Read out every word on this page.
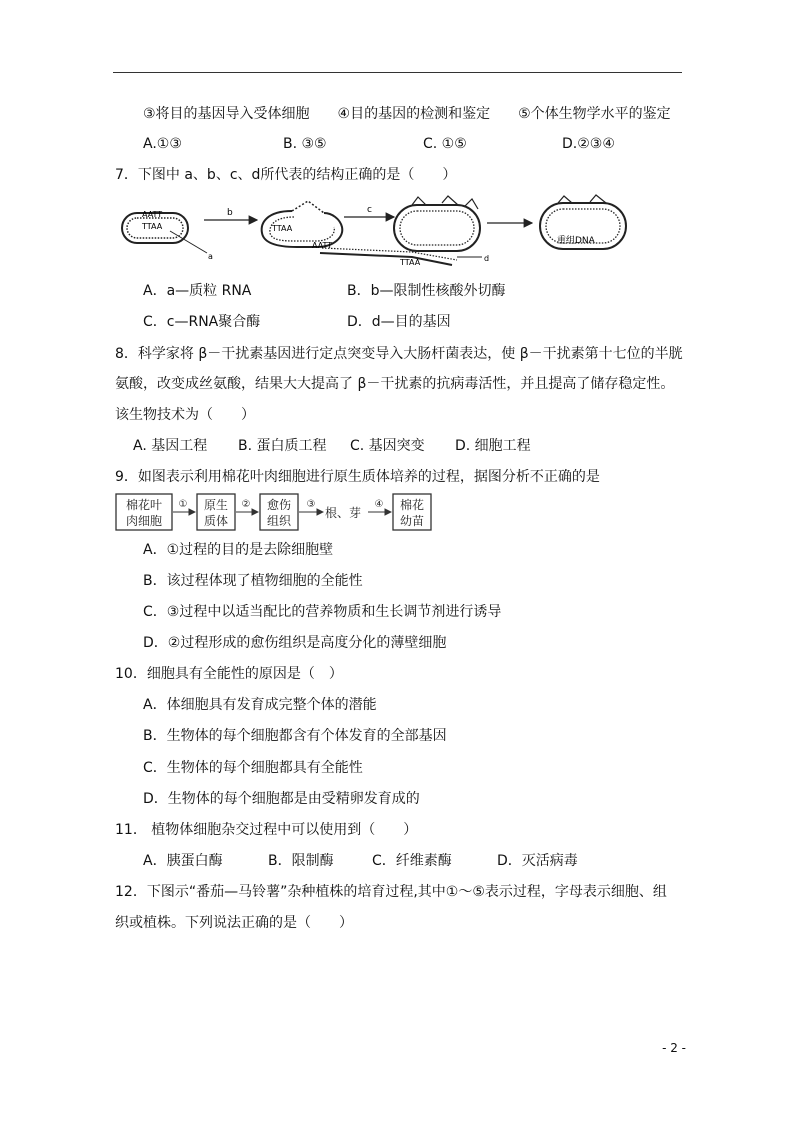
③将目的基因导入受体细胞　　④目的基因的检测和鉴定　　⑤个体生物学水平的鉴定
A.①③	B. ③⑤	C. ①⑤	D.②③④
7．下图中 a、b、c、d所代表的结构正确的是（　　）
AATT
TTAA
a
b
TTAA
c
AATT
TTAA	d
重组DNA
A．a—质粒 RNA	B．b—限制性核酸外切酶
C．c—RNA聚合酶	D．d—目的基因
8．科学家将 β－干扰素基因进行定点突变导入大肠杆菌表达，使 β－干扰素第十七位的半胱
氨酸，改变成丝氨酸，结果大大提高了 β－干扰素的抗病毒活性，并且提高了储存稳定性。
该生物技术为（　　）
A. 基因工程 B. 蛋白质工程 C. 基因突变 D. 细胞工程
9．如图表示利用棉花叶肉细胞进行原生质体培养的过程，据图分析不正确的是
棉花叶
肉细胞
① 原生
质体
② 愈伤
组织
③
根、芽
④ 棉花
幼苗
A．①过程的目的是去除细胞壁
B．该过程体现了植物细胞的全能性
C．③过程中以适当配比的营养物质和生长调节剂进行诱导
D．②过程形成的愈伤组织是高度分化的薄壁细胞
10．细胞具有全能性的原因是（　）
A．体细胞具有发育成完整个体的潜能
B．生物体的每个细胞都含有个体发育的全部基因
C．生物体的每个细胞都具有全能性
D．生物体的每个细胞都是由受精卵发育成的
11． 植物体细胞杂交过程中可以使用到（　　）
A．胰蛋白酶	B．限制酶	C．纤维素酶	D．灭活病毒
12．下图示“番茄—马铃薯”杂种植株的培育过程,其中①～⑤表示过程，字母表示细胞、组
织或植株。下列说法正确的是（　　）
- 2 -
